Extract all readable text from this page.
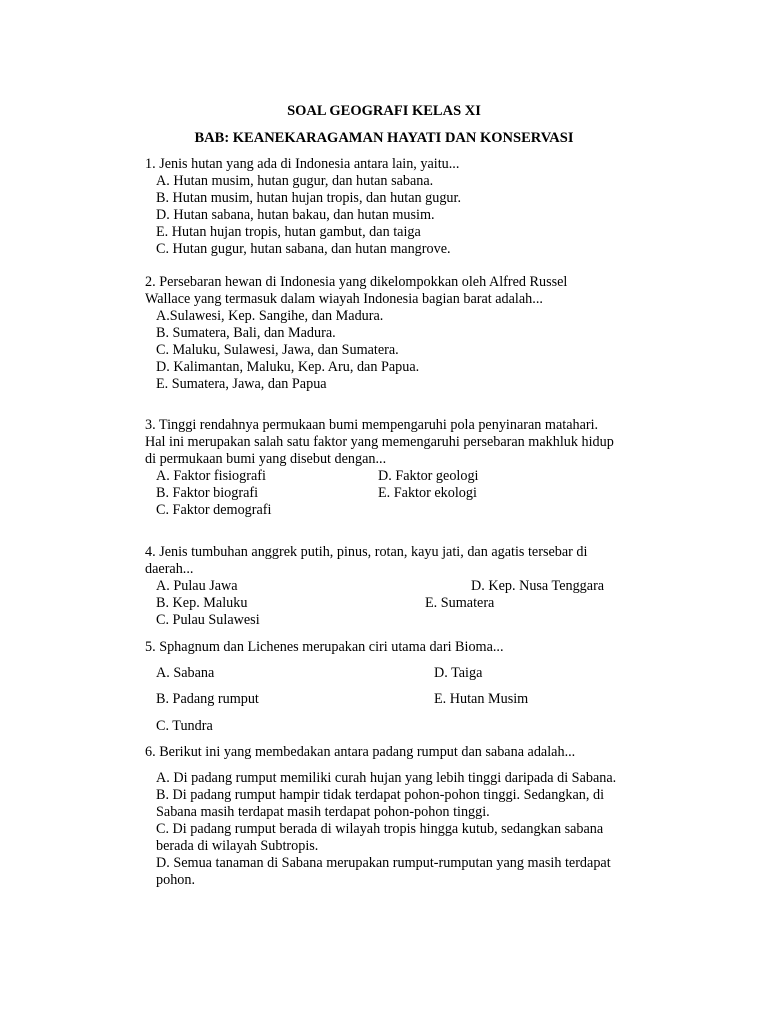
SOAL GEOGRAFI KELAS XI

BAB: KEANEKARAGAMAN HAYATI DAN KONSERVASI

1. Jenis hutan yang ada di Indonesia antara lain, yaitu...

A. Hutan musim, hutan gugur, dan hutan sabana.

B. Hutan musim, hutan hujan tropis, dan hutan gugur.

D. Hutan sabana, hutan bakau, dan hutan musim.

E. Hutan hujan tropis, hutan gambut, dan taiga

C. Hutan gugur, hutan sabana, dan hutan mangrove.

2. Persebaran hewan di Indonesia yang dikelompokkan oleh Alfred Russel

Wallace yang termasuk dalam wiayah Indonesia bagian barat adalah...

A.Sulawesi, Kep. Sangihe, dan Madura.

B. Sumatera, Bali, dan Madura.

C. Maluku, Sulawesi, Jawa, dan Sumatera.

D. Kalimantan, Maluku, Kep. Aru, dan Papua.

E. Sumatera, Jawa, dan Papua

3. Tinggi rendahnya permukaan bumi mempengaruhi pola penyinaran matahari.

Hal ini merupakan salah satu faktor yang memengaruhi persebaran makhluk hidup

di permukaan bumi yang disebut dengan...

A. Faktor fisiografi	D. Faktor geologi

B. Faktor biografi	E. Faktor ekologi

C. Faktor demografi

4. Jenis tumbuhan anggrek putih, pinus, rotan, kayu jati, dan agatis tersebar di

daerah...

A. Pulau Jawa	D. Kep. Nusa Tenggara

B. Kep. Maluku	E. Sumatera

C. Pulau Sulawesi

5. Sphagnum dan Lichenes merupakan ciri utama dari Bioma...

A. Sabana	D. Taiga

B. Padang rumput	E. Hutan Musim

C. Tundra

6. Berikut ini yang membedakan antara padang rumput dan sabana adalah...

A. Di padang rumput memiliki curah hujan yang lebih tinggi daripada di Sabana.

B. Di padang rumput hampir tidak terdapat pohon-pohon tinggi. Sedangkan, di

Sabana masih terdapat masih terdapat pohon-pohon tinggi.

C. Di padang rumput berada di wilayah tropis hingga kutub, sedangkan sabana

berada di wilayah Subtropis.

D. Semua tanaman di Sabana merupakan rumput-rumputan yang masih terdapat

pohon.
